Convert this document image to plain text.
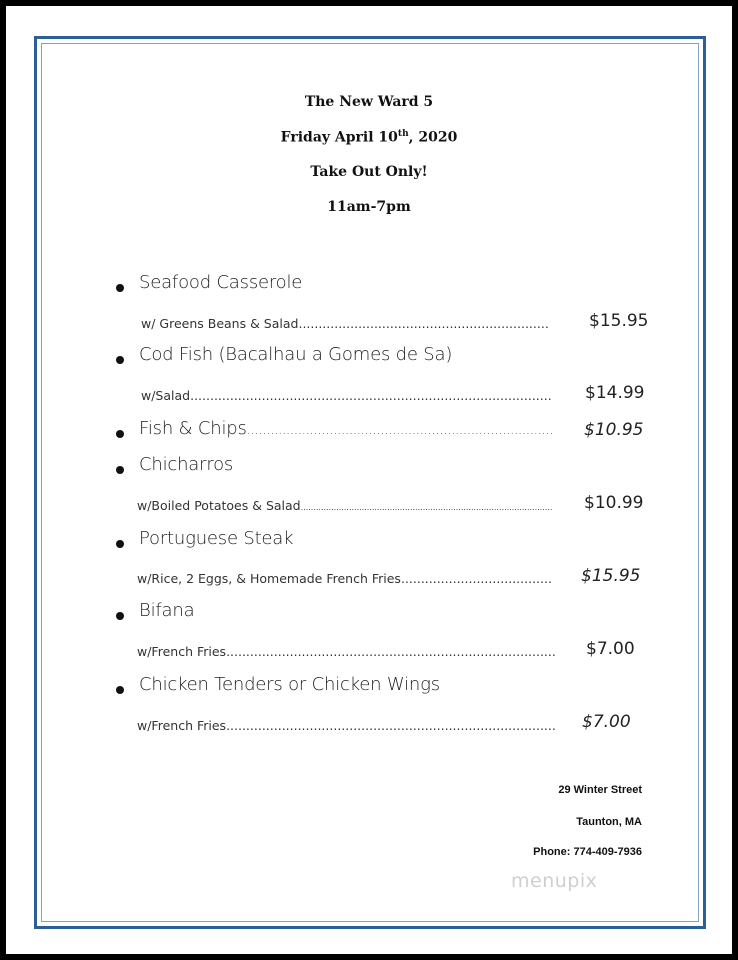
The New Ward 5
Friday April 10th, 2020
Take Out Only!
11am-7pm
Seafood Casserole
w/ Greens Beans & Salad .....	$15.95
Cod Fish (Bacalhau a Gomes de Sa)
w/Salad .....	$14.99
Fish & Chips .....	$10.95
Chicharros
w/Boiled Potatoes & Salad .....	$10.99
Portuguese Steak
w/Rice, 2 Eggs, & Homemade French Fries .....	$15.95
Bifana
w/French Fries .....	$7.00
Chicken Tenders or Chicken Wings
w/French Fries .....	$7.00
29 Winter Street
Taunton, MA
Phone: 774-409-7936
menupix
